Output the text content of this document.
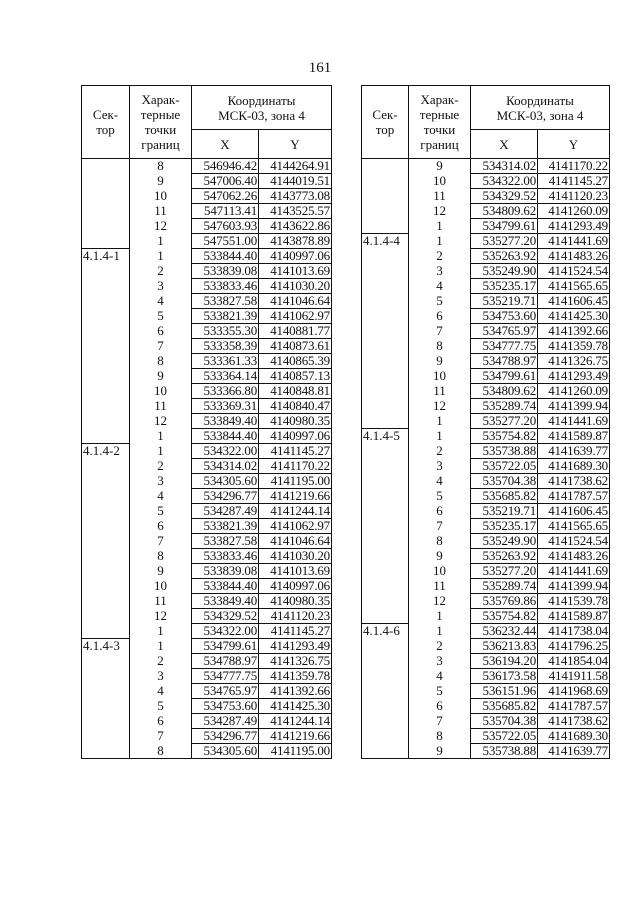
161
Сек-
тор	Харак-
терные
точки
границ	Координаты
МСК-03, зона 4	
		X	Y
	8	546946.42	4144264.91
	9	547006.40	4144019.51
	10	547062.26	4143773.08
	11	547113.41	4143525.57
	12	547603.93	4143622.86
	1	547551.00	4143878.89
4.1.4-1	1	533844.40	4140997.06
	2	533839.08	4141013.69
	3	533833.46	4141030.20
	4	533827.58	4141046.64
	5	533821.39	4141062.97
	6	533355.30	4140881.77
	7	533358.39	4140873.61
	8	533361.33	4140865.39
	9	533364.14	4140857.13
	10	533366.80	4140848.81
	11	533369.31	4140840.47
	12	533849.40	4140980.35
	1	533844.40	4140997.06
4.1.4-2	1	534322.00	4141145.27
	2	534314.02	4141170.22
	3	534305.60	4141195.00
	4	534296.77	4141219.66
	5	534287.49	4141244.14
	6	533821.39	4141062.97
	7	533827.58	4141046.64
	8	533833.46	4141030.20
	9	533839.08	4141013.69
	10	533844.40	4140997.06
	11	533849.40	4140980.35
	12	534329.52	4141120.23
	1	534322.00	4141145.27
4.1.4-3	1	534799.61	4141293.49
	2	534788.97	4141326.75
	3	534777.75	4141359.78
	4	534765.97	4141392.66
	5	534753.60	4141425.30
	6	534287.49	4141244.14
	7	534296.77	4141219.66
	8	534305.60	4141195.00
Сек-
тор	Харак-
терные
точки
границ	Координаты
МСК-03, зона 4	
		X	Y
	9	534314.02	4141170.22
	10	534322.00	4141145.27
	11	534329.52	4141120.23
	12	534809.62	4141260.09
	1	534799.61	4141293.49
4.1.4-4	1	535277.20	4141441.69
	2	535263.92	4141483.26
	3	535249.90	4141524.54
	4	535235.17	4141565.65
	5	535219.71	4141606.45
	6	534753.60	4141425.30
	7	534765.97	4141392.66
	8	534777.75	4141359.78
	9	534788.97	4141326.75
	10	534799.61	4141293.49
	11	534809.62	4141260.09
	12	535289.74	4141399.94
	1	535277.20	4141441.69
4.1.4-5	1	535754.82	4141589.87
	2	535738.88	4141639.77
	3	535722.05	4141689.30
	4	535704.38	4141738.62
	5	535685.82	4141787.57
	6	535219.71	4141606.45
	7	535235.17	4141565.65
	8	535249.90	4141524.54
	9	535263.92	4141483.26
	10	535277.20	4141441.69
	11	535289.74	4141399.94
	12	535769.86	4141539.78
	1	535754.82	4141589.87
4.1.4-6	1	536232.44	4141738.04
	2	536213.83	4141796.25
	3	536194.20	4141854.04
	4	536173.58	4141911.58
	5	536151.96	4141968.69
	6	535685.82	4141787.57
	7	535704.38	4141738.62
	8	535722.05	4141689.30
	9	535738.88	4141639.77
